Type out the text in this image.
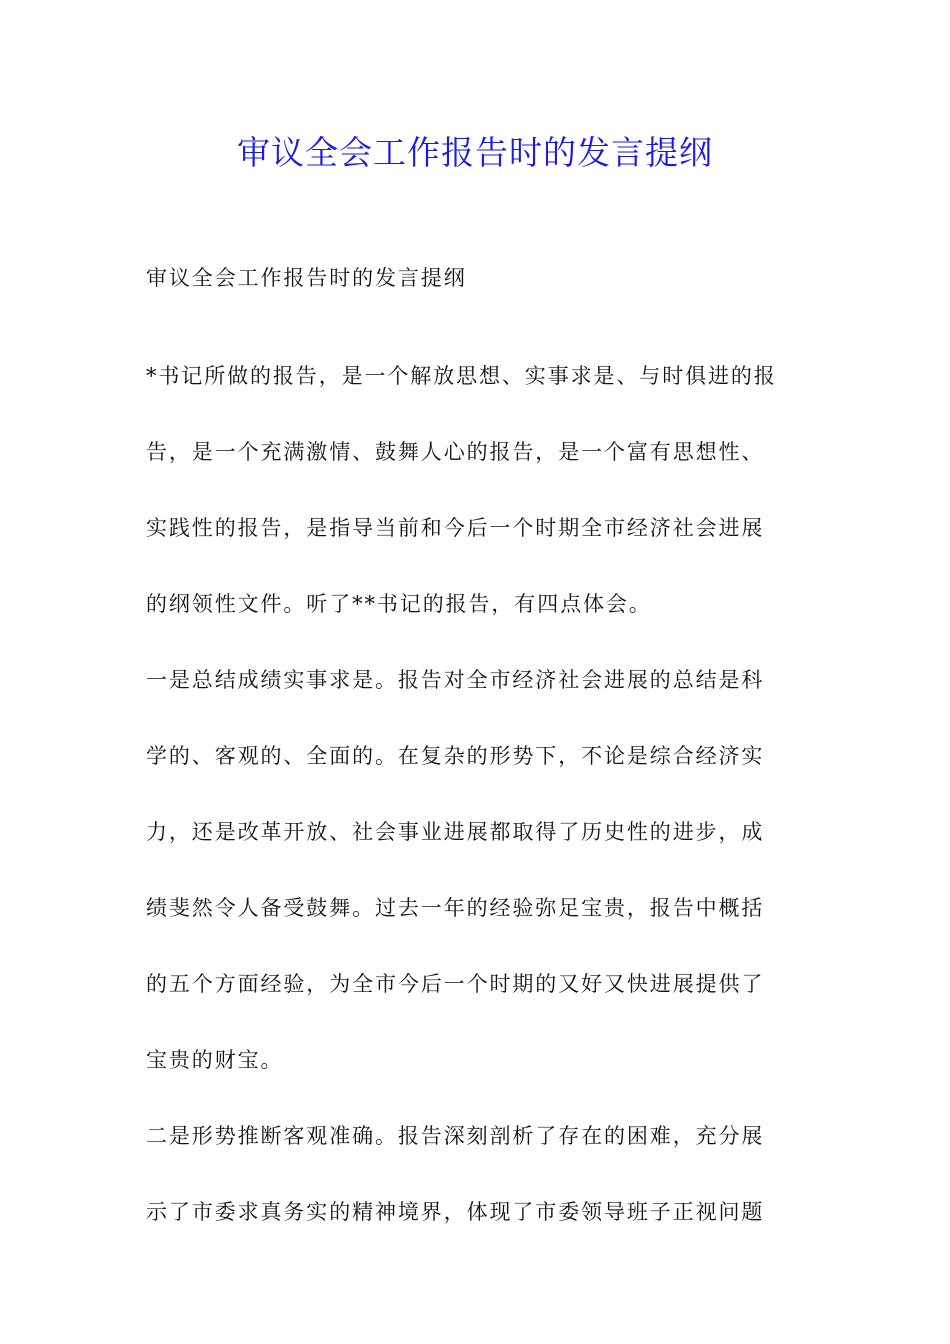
审议全会工作报告时的发言提纲
审议全会工作报告时的发言提纲
*书记所做的报告，是一个解放思想、实事求是、与时俱进的报
告，是一个充满激情、鼓舞人心的报告，是一个富有思想性、
实践性的报告，是指导当前和今后一个时期全市经济社会进展
的纲领性文件。听了**书记的报告，有四点体会。
一是总结成绩实事求是。报告对全市经济社会进展的总结是科
学的、客观的、全面的。在复杂的形势下，不论是综合经济实
力，还是改革开放、社会事业进展都取得了历史性的进步，成
绩斐然令人备受鼓舞。过去一年的经验弥足宝贵，报告中概括
的五个方面经验，为全市今后一个时期的又好又快进展提供了
宝贵的财宝。
二是形势推断客观准确。报告深刻剖析了存在的困难，充分展
示了市委求真务实的精神境界，体现了市委领导班子正视问题
